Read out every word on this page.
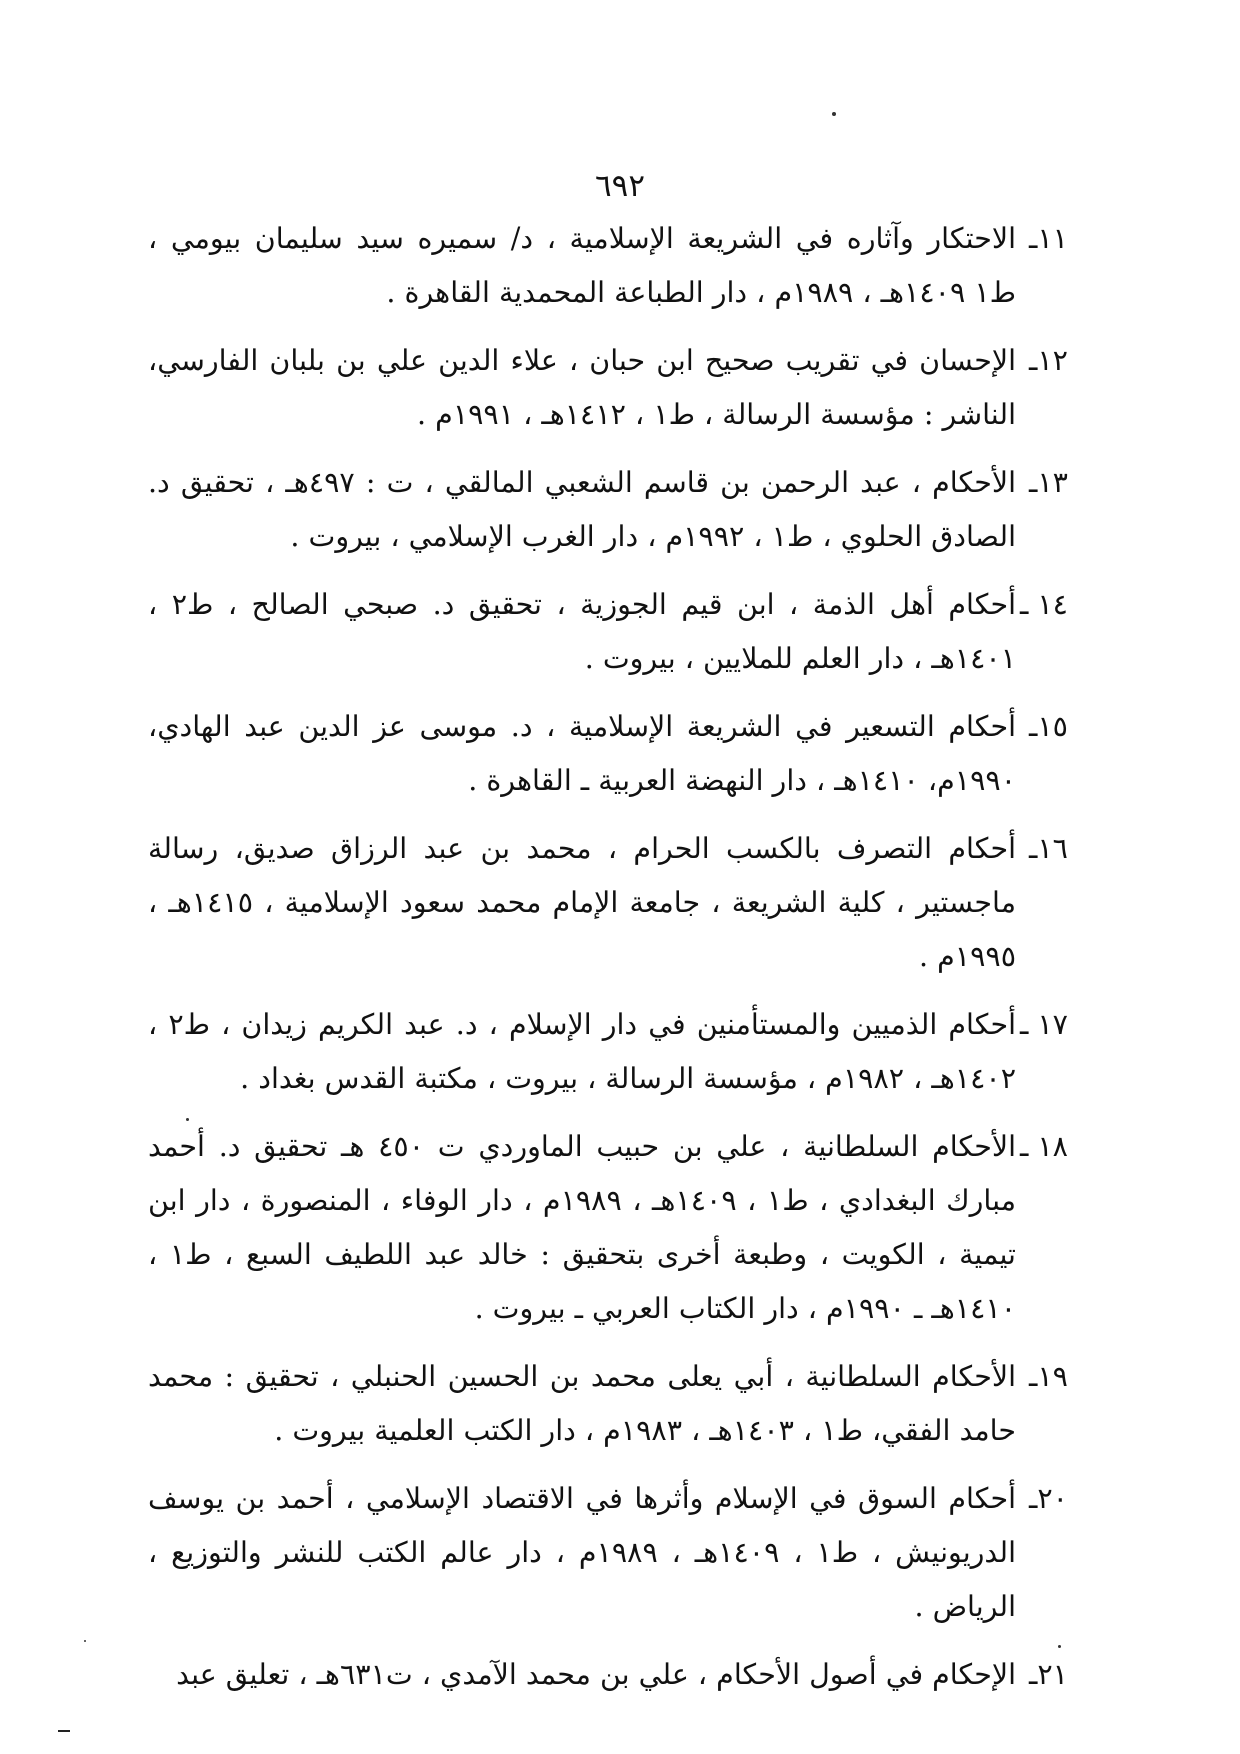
٦٩٢
١١ـ
الاحتكار وآثاره في الشريعة الإسلامية ، د/ سميره سيد سليمان بيومي ، ط١ ١٤٠٩هـ ، ١٩٨٩م ، دار الطباعة المحمدية القاهرة .
١٢ـ
الإحسان في تقريب صحيح ابن حبان ، علاء الدين علي بن بلبان الفارسي، الناشر : مؤسسة الرسالة ، ط١ ، ١٤١٢هـ ، ١٩٩١م .
١٣ـ
الأحكام ، عبد الرحمن بن قاسم الشعبي المالقي ، ت : ٤٩٧هـ ، تحقيق د. الصادق الحلوي ، ط١ ، ١٩٩٢م ، دار الغرب الإسلامي ، بيروت .
١٤ ـ
أحكام أهل الذمة ، ابن قيم الجوزية ، تحقيق د. صبحي الصالح ، ط٢ ، ١٤٠١هـ ، دار العلم للملايين ، بيروت .
١٥ـ
أحكام التسعير في الشريعة الإسلامية ، د. موسى عز الدين عبد الهادي، ١٩٩٠م، ١٤١٠هـ ، دار النهضة العربية ـ القاهرة .
١٦ـ
أحكام التصرف بالكسب الحرام ، محمد بن عبد الرزاق صديق، رسالة ماجستير ، كلية الشريعة ، جامعة الإمام محمد سعود الإسلامية ، ١٤١٥هـ ، ١٩٩٥م .
١٧ ـ
أحكام الذميين والمستأمنين في دار الإسلام ، د. عبد الكريم زيدان ، ط٢ ، ١٤٠٢هـ ، ١٩٨٢م ، مؤسسة الرسالة ، بيروت ، مكتبة القدس بغداد .
١٨ ـ
الأحكام السلطانية ، علي بن حبيب الماوردي ت ٤٥٠ هـ تحقيق د. أحمد مبارك البغدادي ، ط١ ، ١٤٠٩هـ ، ١٩٨٩م ، دار الوفاء ، المنصورة ، دار ابن تيمية ، الكويت ، وطبعة أخرى بتحقيق : خالد عبد اللطيف السبع ، ط١ ، ١٤١٠هـ ـ ١٩٩٠م ، دار الكتاب العربي ـ بيروت .
١٩ـ
الأحكام السلطانية ، أبي يعلى محمد بن الحسين الحنبلي ، تحقيق : محمد حامد الفقي، ط١ ، ١٤٠٣هـ ، ١٩٨٣م ، دار الكتب العلمية بيروت .
٢٠ـ
أحكام السوق في الإسلام وأثرها في الاقتصاد الإسلامي ، أحمد بن يوسف الدريونيش ، ط١ ، ١٤٠٩هـ ، ١٩٨٩م ، دار عالم الكتب للنشر والتوزيع ، الرياض .
٢١ـ
الإحكام في أصول الأحكام ، علي بن محمد الآمدي ، ت٦٣١هـ ، تعليق عبد
